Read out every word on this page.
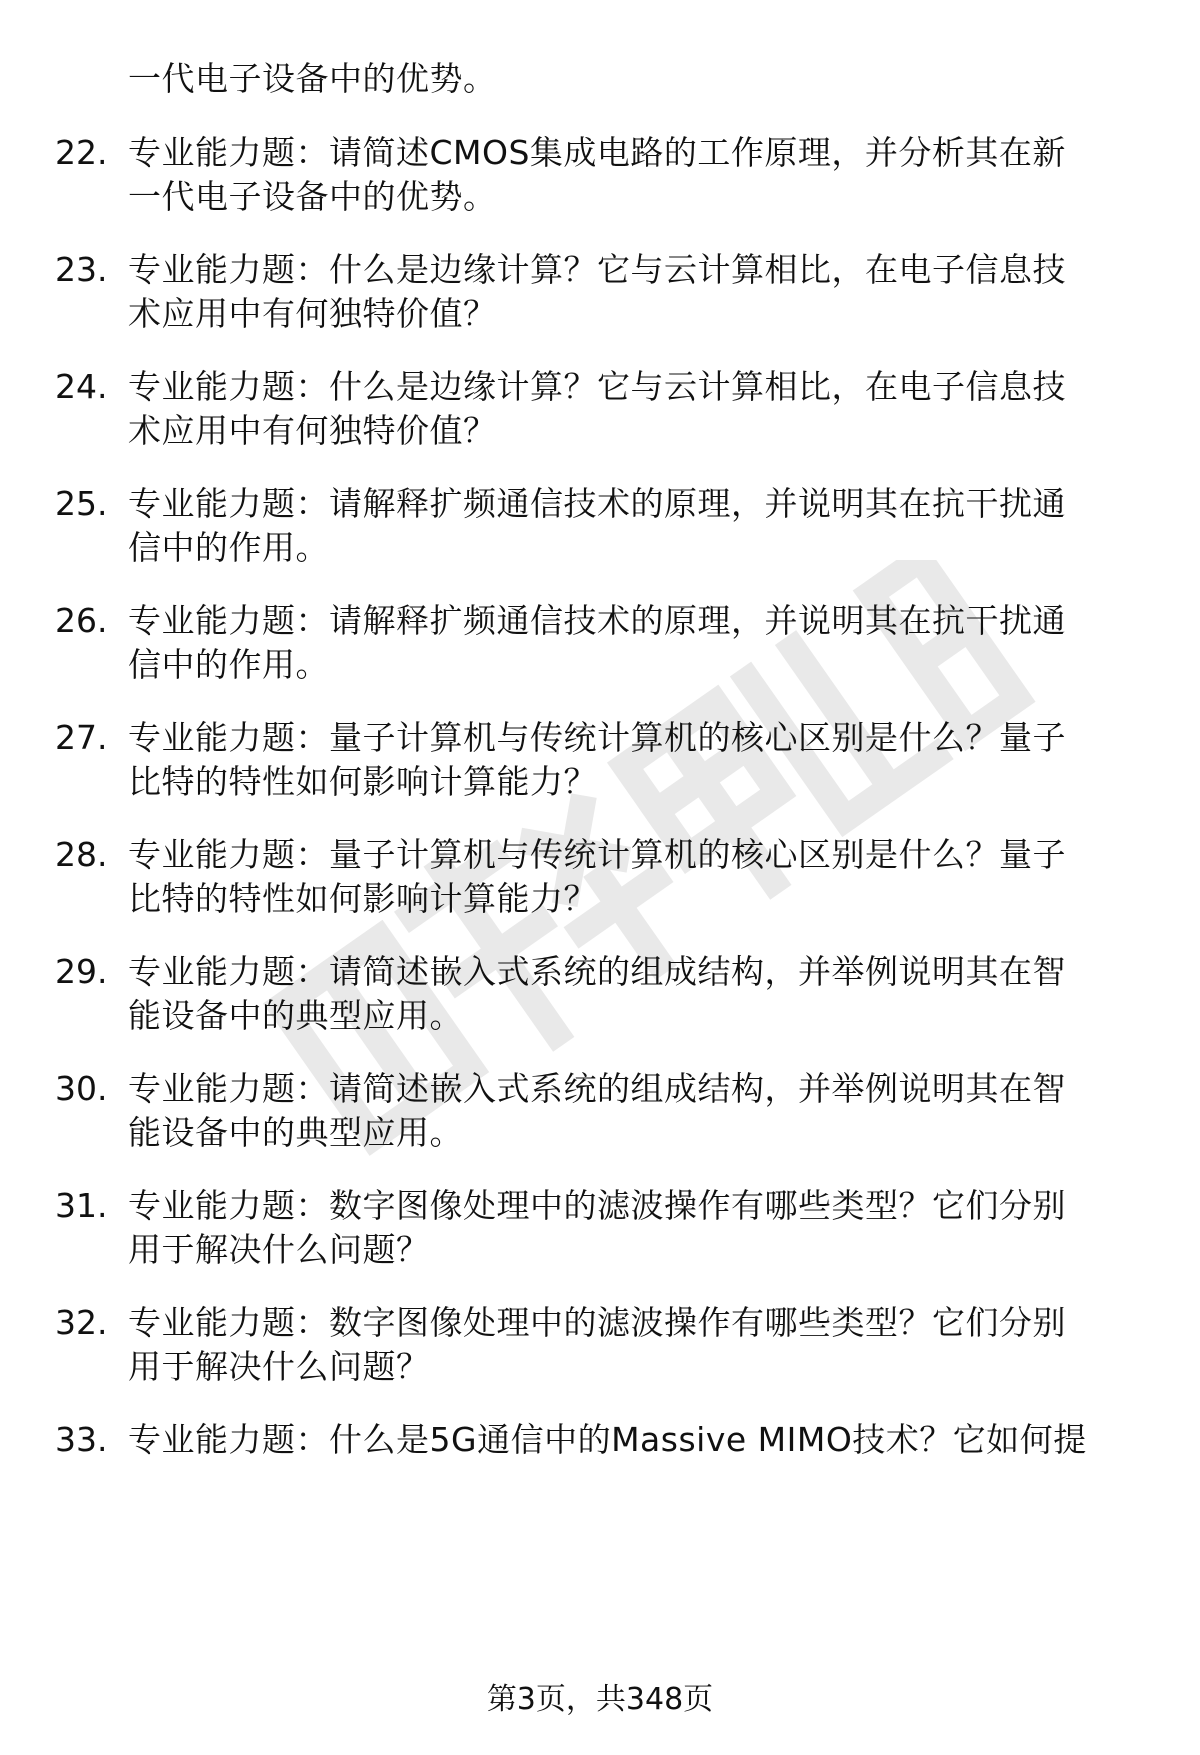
一代电子设备中的优势。
22. 专业能力题：请简述CMOS集成电路的工作原理，并分析其在新
一代电子设备中的优势。
23. 专业能力题：什么是边缘计算？它与云计算相比，在电子信息技
术应用中有何独特价值？
24. 专业能力题：什么是边缘计算？它与云计算相比，在电子信息技
术应用中有何独特价值？
25. 专业能力题：请解释扩频通信技术的原理，并说明其在抗干扰通
信中的作用。
26. 专业能力题：请解释扩频通信技术的原理，并说明其在抗干扰通
信中的作用。
27. 专业能力题：量子计算机与传统计算机的核心区别是什么？量子
比特的特性如何影响计算能力？
28. 专业能力题：量子计算机与传统计算机的核心区别是什么？量子
比特的特性如何影响计算能力？
29. 专业能力题：请简述嵌入式系统的组成结构，并举例说明其在智
能设备中的典型应用。
30. 专业能力题：请简述嵌入式系统的组成结构，并举例说明其在智
能设备中的典型应用。
31. 专业能力题：数字图像处理中的滤波操作有哪些类型？它们分别
用于解决什么问题？
32. 专业能力题：数字图像处理中的滤波操作有哪些类型？它们分别
用于解决什么问题？
33. 专业能力题：什么是5G通信中的Massive MIMO技术？它如何提
第3页，共348页
